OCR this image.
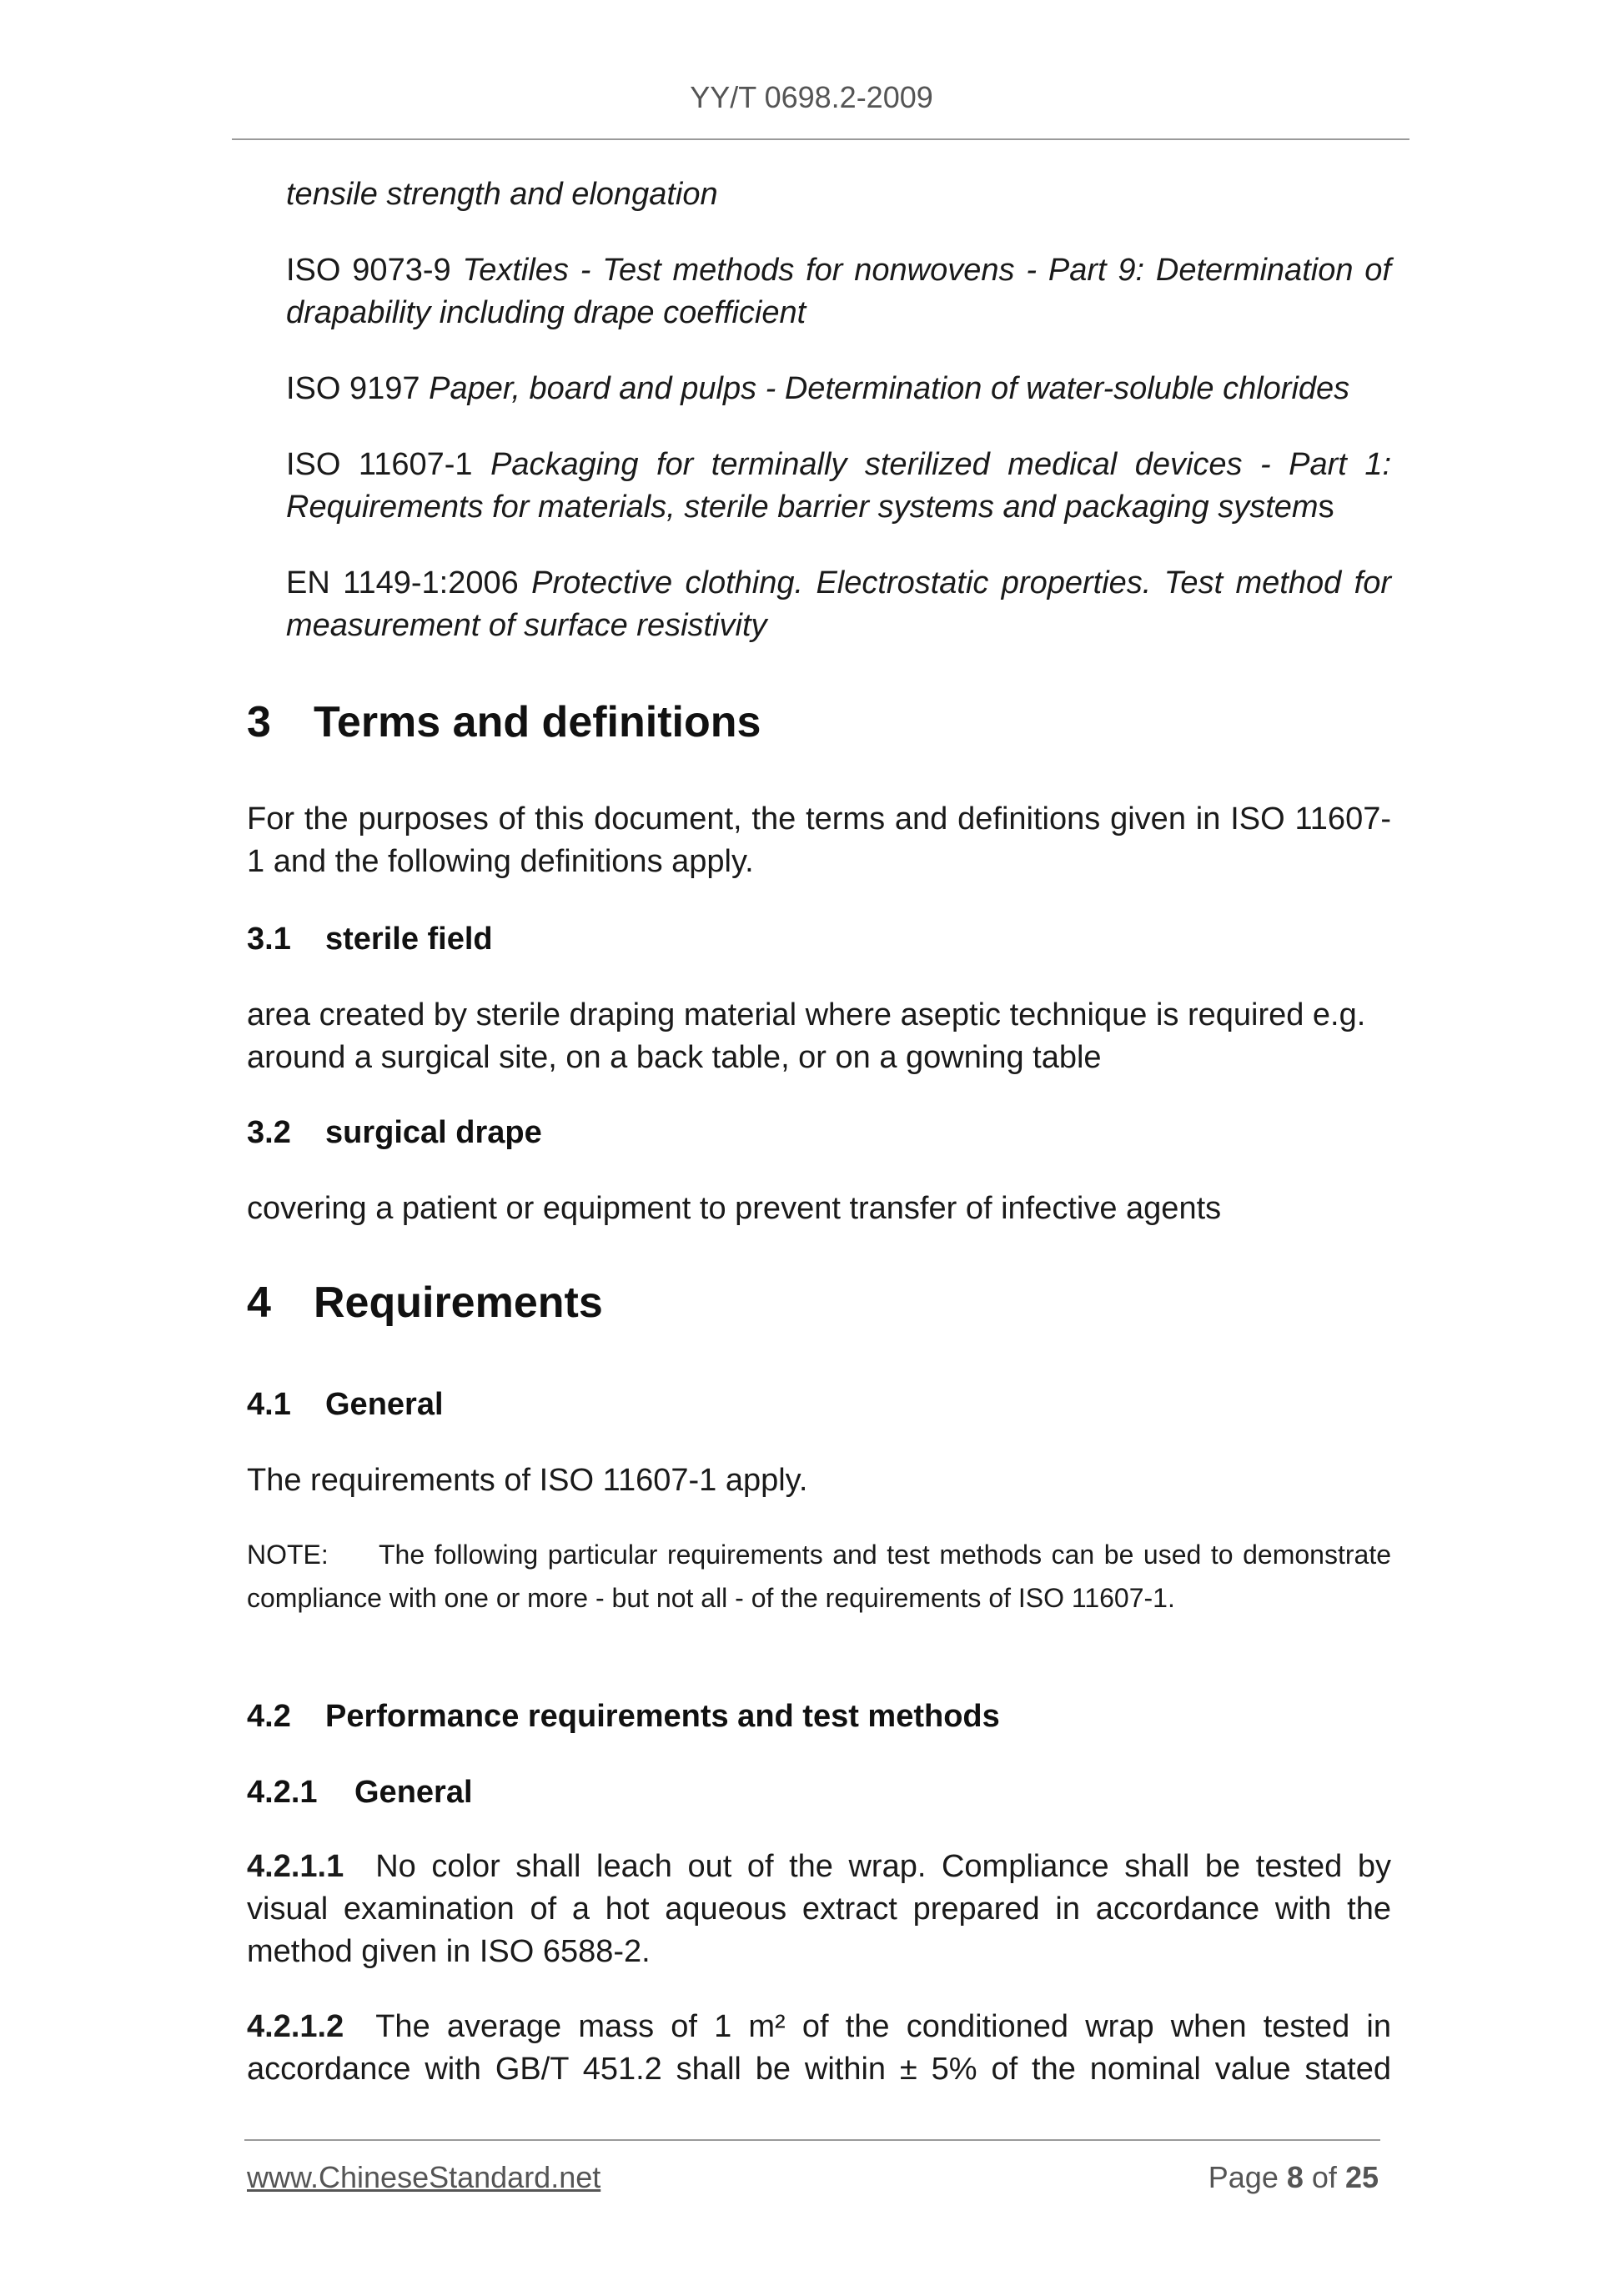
YY/T 0698.2-2009
tensile strength and elongation
ISO 9073-9 Textiles - Test methods for nonwovens - Part 9: Determination of drapability including drape coefficient
ISO 9197 Paper, board and pulps - Determination of water-soluble chlorides
ISO 11607-1 Packaging for terminally sterilized medical devices - Part 1: Requirements for materials, sterile barrier systems and packaging systems
EN 1149-1:2006 Protective clothing. Electrostatic properties. Test method for measurement of surface resistivity
3 Terms and definitions
For the purposes of this document, the terms and definitions given in ISO 11607-1 and the following definitions apply.
3.1 sterile field
area created by sterile draping material where aseptic technique is required e.g. around a surgical site, on a back table, or on a gowning table
3.2 surgical drape
covering a patient or equipment to prevent transfer of infective agents
4 Requirements
4.1 General
The requirements of ISO 11607-1 apply.
NOTE: The following particular requirements and test methods can be used to demonstrate compliance with one or more - but not all - of the requirements of ISO 11607-1.
4.2 Performance requirements and test methods
4.2.1 General
4.2.1.1 No color shall leach out of the wrap. Compliance shall be tested by visual examination of a hot aqueous extract prepared in accordance with the method given in ISO 6588-2.
4.2.1.2 The average mass of 1 m² of the conditioned wrap when tested in accordance with GB/T 451.2 shall be within ± 5% of the nominal value stated
www.ChineseStandard.net	Page 8 of 25
